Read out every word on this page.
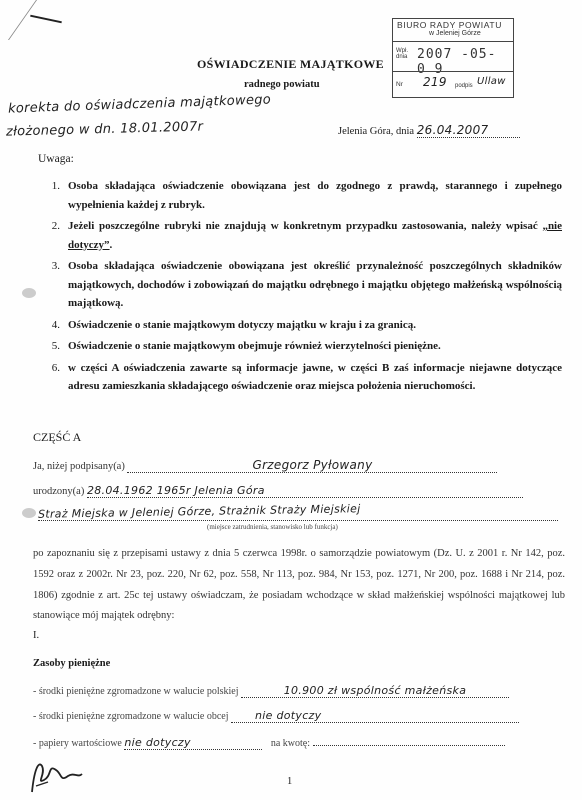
BIURO RADY POWIATU
w Jeleniej Górze
Wpł. dnia 2007 -05- 0 9
Nr 219 podpis Ullaw
OŚWIADCZENIE MAJĄTKOWE
radnego powiatu
korekta do oświadczenia majątkowego
złożonego w dn. 18.01.2007r	Jelenia Góra, dnia 26.04.2007
Uwaga:
1. Osoba składająca oświadczenie obowiązana jest do zgodnego z prawdą, starannego i zupełnego wypełnienia każdej z rubryk.
2. Jeżeli poszczególne rubryki nie znajdują w konkretnym przypadku zastosowania, należy wpisać „nie dotyczy”.
3. Osoba składająca oświadczenie obowiązana jest określić przynależność poszczególnych składników majątkowych, dochodów i zobowiązań do majątku odrębnego i majątku objętego małżeńską wspólnością majątkową.
4. Oświadczenie o stanie majątkowym dotyczy majątku w kraju i za granicą.
5. Oświadczenie o stanie majątkowym obejmuje również wierzytelności pieniężne.
6. w części A oświadczenia zawarte są informacje jawne, w części B zaś informacje niejawne dotyczące adresu zamieszkania składającego oświadczenie oraz miejsca położenia nieruchomości.
CZĘŚĆ A
Ja, niżej podpisany(a)	Grzegorz Pyłowany
urodzony(a) 28.04.1962 1965r Jelenia Góra
Straż Miejska w Jeleniej Górze, Strażnik Straży Miejskiej
(miejsce zatrudnienia, stanowisko lub funkcja)
po zapoznaniu się z przepisami ustawy z dnia 5 czerwca 1998r. o samorządzie powiatowym (Dz. U. z 2001 r. Nr 142, poz. 1592 oraz z 2002r. Nr 23, poz. 220, Nr 62, poz. 558, Nr 113, poz. 984, Nr 153, poz. 1271, Nr 200, poz. 1688 i Nr 214, poz. 1806) zgodnie z art. 25c tej ustawy oświadczam, że posiadam wchodzące w skład małżeńskiej wspólności majątkowej lub stanowiące mój majątek odrębny:
I.
Zasoby pieniężne
- środki pieniężne zgromadzone w walucie polskiej	10.900 zł wspólność małżeńska
- środki pieniężne zgromadzone w walucie obcej nie dotyczy
- papiery wartościowe nie dotyczy	na kwotę:
1
